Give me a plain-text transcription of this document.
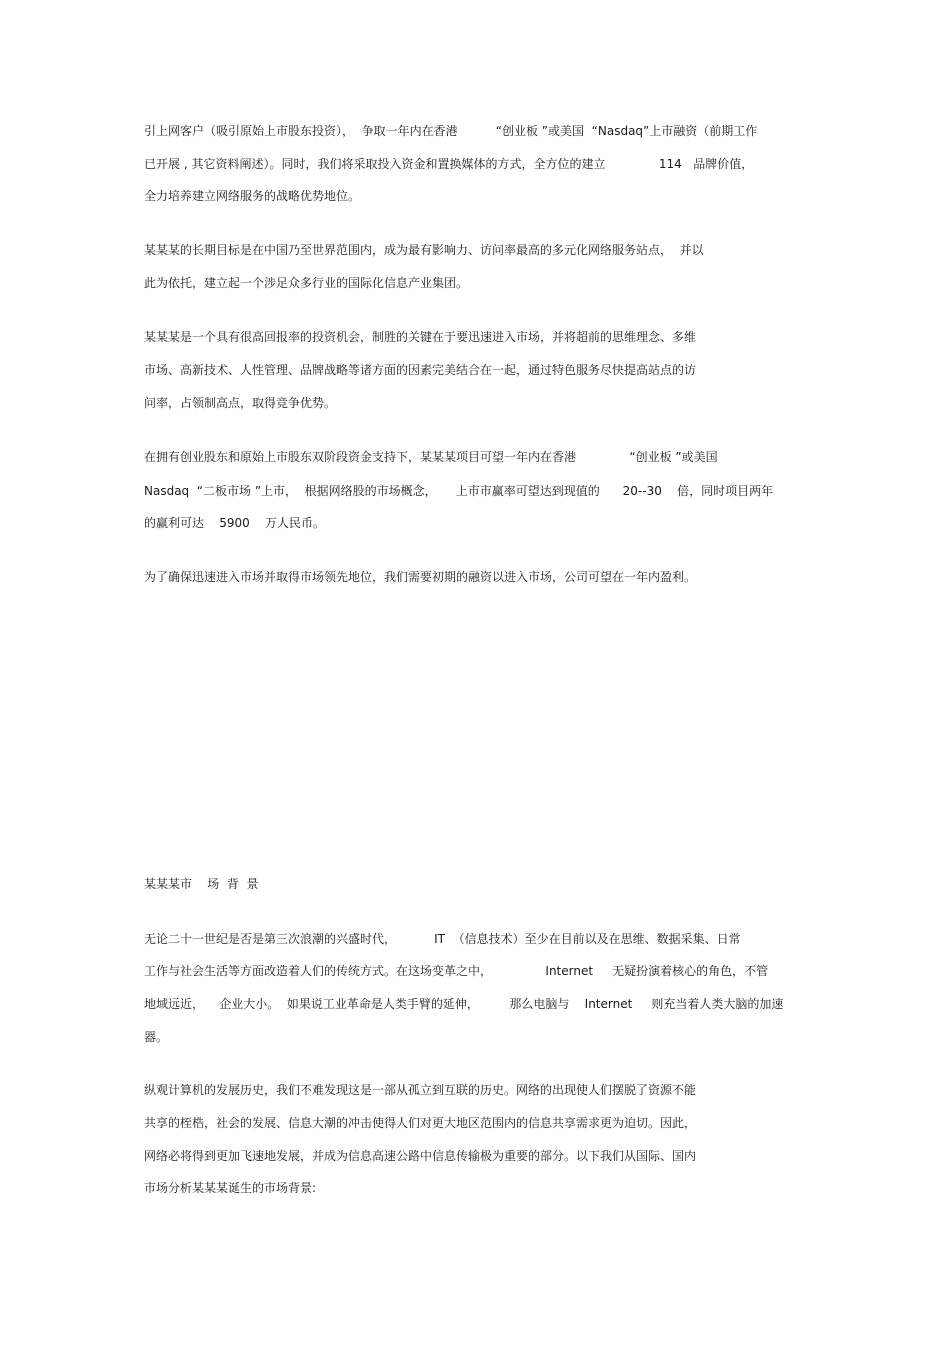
引上网客户（吸引原始上市股东投资），  争取一年内在香港          “创业板 ”或美国  “Nasdaq”上市融资（前期工作
已开展 , 其它资料阐述）。同时，我们将采取投入资金和置换媒体的方式，全方位的建立              114   品牌价值，
全力培养建立网络服务的战略优势地位。
某某某的长期目标是在中国乃至世界范围内，成为最有影响力、访问率最高的多元化网络服务站点，  并以
此为依托，建立起一个涉足众多行业的国际化信息产业集团。
某某某是一个具有很高回报率的投资机会，制胜的关键在于要迅速进入市场，并将超前的思维理念、多维
市场、高新技术、人性管理、品牌战略等诸方面的因素完美结合在一起，通过特色服务尽快提高站点的访
问率，占领制高点，取得竞争优势。
在拥有创业股东和原始上市股东双阶段资金支持下，某某某项目可望一年内在香港              “创业板 ”或美国
Nasdaq  “二板市场 ”上市，  根据网络股的市场概念，     上市市赢率可望达到现值的      20--30    倍，同时项目两年
的赢利可达    5900    万人民币。
为了确保迅速进入市场并取得市场领先地位，我们需要初期的融资以进入市场，公司可望在一年内盈利。
某某某市    场  背  景
无论二十一世纪是否是第三次浪潮的兴盛时代，          IT  （信息技术）至少在目前以及在思维、数据采集、日常
工作与社会生活等方面改造着人们的传统方式。在这场变革之中，              Internet     无疑扮演着核心的角色，不管
地域远近，    企业大小。  如果说工业革命是人类手臂的延伸，        那么电脑与    Internet     则充当着人类大脑的加速
器。
纵观计算机的发展历史，我们不难发现这是一部从孤立到互联的历史。网络的出现使人们摆脱了资源不能
共享的桎梏，社会的发展、信息大潮的冲击使得人们对更大地区范围内的信息共享需求更为迫切。因此，
网络必将得到更加飞速地发展，并成为信息高速公路中信息传输极为重要的部分。以下我们从国际、国内
市场分析某某某诞生的市场背景:
